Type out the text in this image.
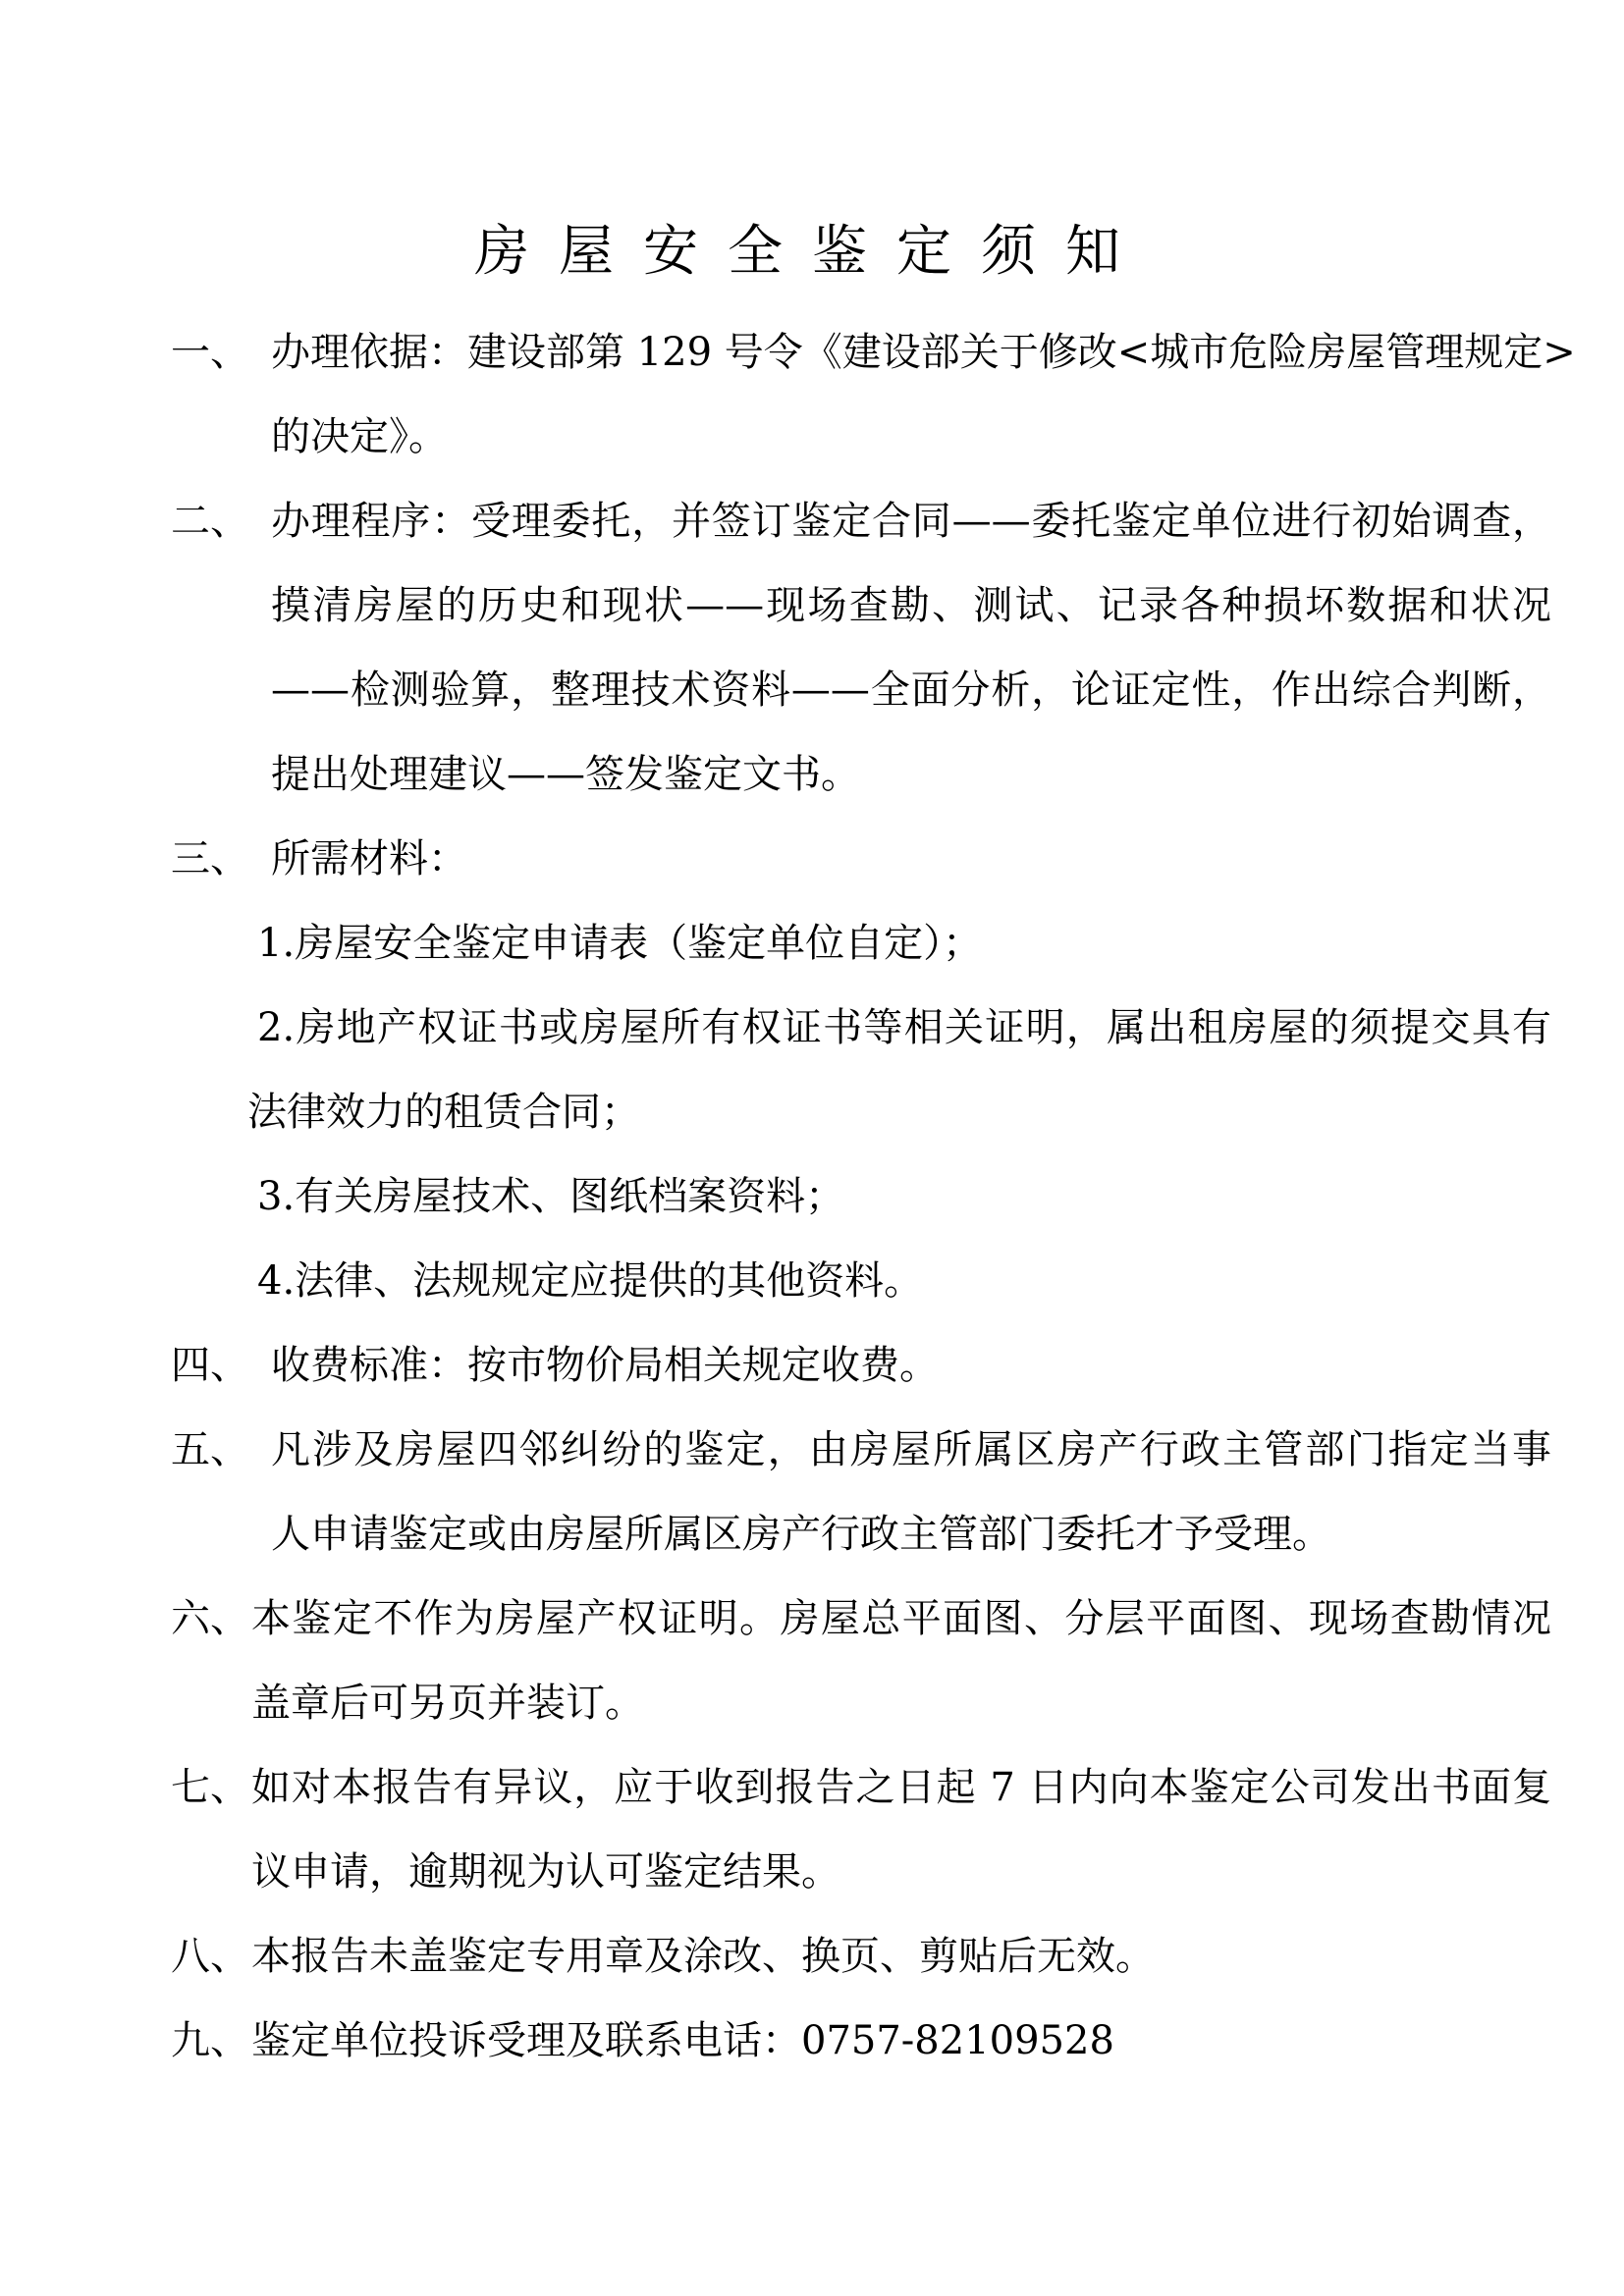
房屋安全鉴定须知
一、 办理依据：建设部第 129 号令《建设部关于修改<城市危险房屋管理规定>
的决定》。
二、 办理程序：受理委托，并签订鉴定合同——委托鉴定单位进行初始调查，
摸清房屋的历史和现状——现场查勘、测试、记录各种损坏数据和状况
——检测验算，整理技术资料——全面分析，论证定性，作出综合判断，
提出处理建议——签发鉴定文书。
三、 所需材料：
1.房屋安全鉴定申请表（鉴定单位自定）；
2.房地产权证书或房屋所有权证书等相关证明，属出租房屋的须提交具有
法律效力的租赁合同；
3.有关房屋技术、图纸档案资料；
4.法律、法规规定应提供的其他资料。
四、 收费标准：按市物价局相关规定收费。
五、 凡涉及房屋四邻纠纷的鉴定，由房屋所属区房产行政主管部门指定当事
人申请鉴定或由房屋所属区房产行政主管部门委托才予受理。
六、 本鉴定不作为房屋产权证明。房屋总平面图、分层平面图、现场查勘情况
盖章后可另页并装订。
七、 如对本报告有异议，应于收到报告之日起 7 日内向本鉴定公司发出书面复
议申请，逾期视为认可鉴定结果。
八、 本报告未盖鉴定专用章及涂改、换页、剪贴后无效。
九、 鉴定单位投诉受理及联系电话：0757-82109528
